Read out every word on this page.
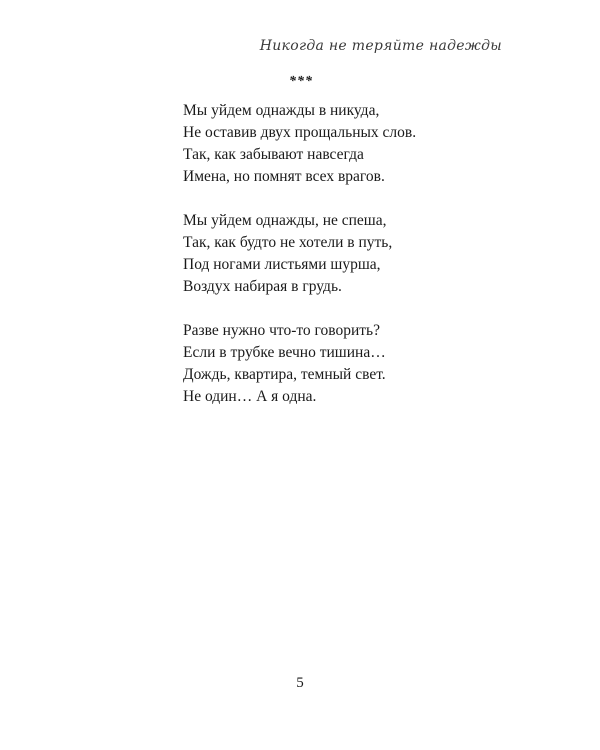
Никогда не теряйте надежды
***
Мы уйдем однажды в никуда,
Не оставив двух прощальных слов.
Так, как забывают навсегда
Имена, но помнят всех врагов.
Мы уйдем однажды, не спеша,
Так, как будто не хотели в путь,
Под ногами листьями шурша,
Воздух набирая в грудь.
Разве нужно что-то говорить?
Если в трубке вечно тишина…
Дождь, квартира, темный свет.
Не один… А я одна.
5
